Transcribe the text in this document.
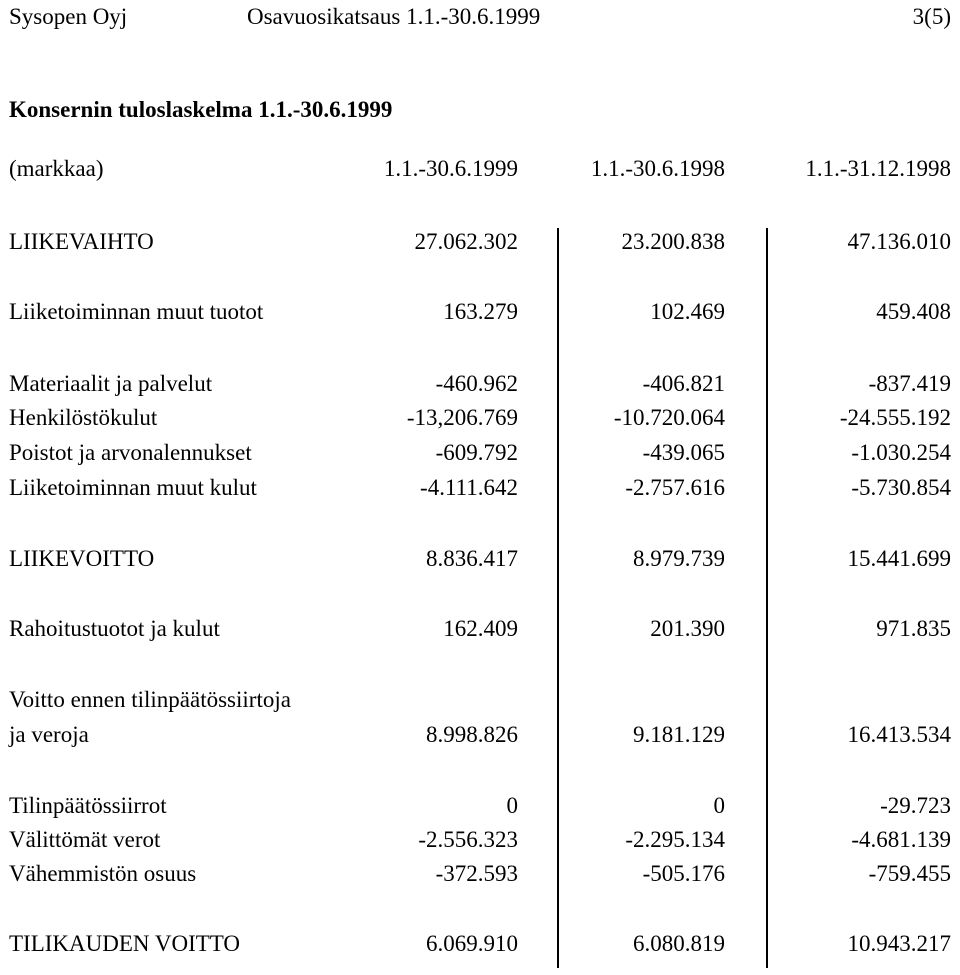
Sysopen Oyj	Osavuosikatsaus 1.1.-30.6.1999	3(5)
Konsernin tuloslaskelma 1.1.-30.6.1999
(markkaa)	1.1.-30.6.1999	1.1.-30.6.1998	1.1.-31.12.1998
LIIKEVAIHTO	27.062.302	23.200.838	47.136.010
Liiketoiminnan muut tuotot	163.279	102.469	459.408
Materiaalit ja palvelut	-460.962	-406.821	-837.419
Henkilöstökulut	-13,206.769	-10.720.064	-24.555.192
Poistot ja arvonalennukset	-609.792	-439.065	-1.030.254
Liiketoiminnan muut kulut	-4.111.642	-2.757.616	-5.730.854
LIIKEVOITTO	8.836.417	8.979.739	15.441.699
Rahoitustuotot ja kulut	162.409	201.390	971.835
Voitto ennen tilinpäätössiirtoja
ja veroja	8.998.826	9.181.129	16.413.534
Tilinpäätössiirrot	0	0	-29.723
Välittömät verot	-2.556.323	-2.295.134	-4.681.139
Vähemmistön osuus	-372.593	-505.176	-759.455
TILIKAUDEN VOITTO	6.069.910	6.080.819	10.943.217
